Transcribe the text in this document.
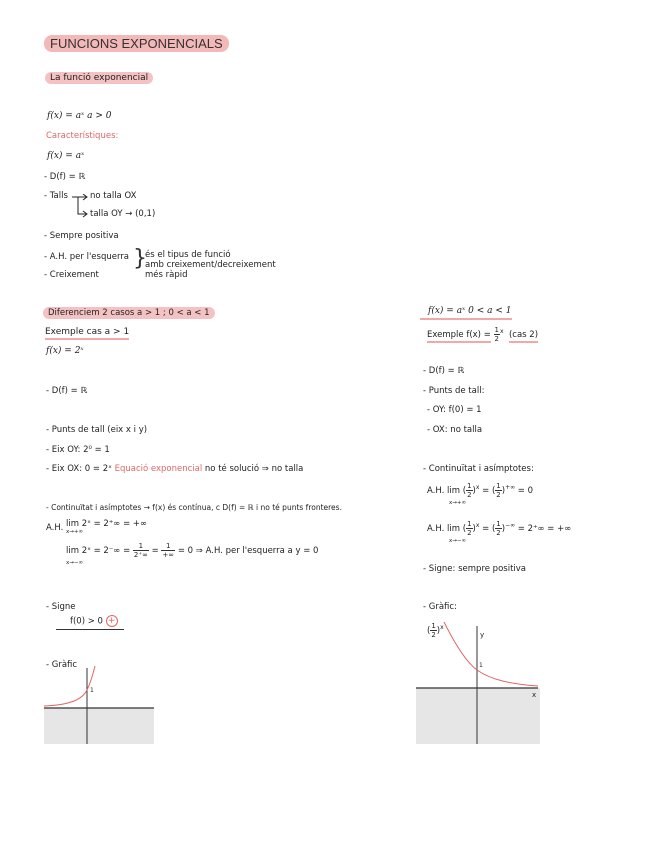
FUNCIONS EXPONENCIALS
La funció exponencial
f(x) = aˣ a > 0
Característiques:
f(x) = aˣ
- D(f) = ℝ
- Talls	no talla OX
talla OY → (0,1)
- Sempre positiva
- A.H. per l'esquerra
- Creixement
}
és el tipus de funció
amb creixement/decreixement
més ràpid
Diferenciem 2 casos a > 1 ; 0 < a < 1
Exemple cas a > 1
f(x) = 2ˣ
- D(f) = ℝ
- Punts de tall (eix x i y)
- Eix OY: 2⁰ = 1
- Eix OX: 0 = 2ˣ Equació exponencial no té solució ⇒ no talla
- Continuïtat i asímptotes → f(x) és contínua, c D(f) = ℝ i no té punts fronteres.
A.H. lim 2ˣ = 2⁺∞ = +∞
x→+∞
lim 2ˣ = $2^-\infty = \frac{1}{2^+\infty} = \frac{1}{+\infty} = 0$ ⇒ A.H. per l'esquerra a y = 0
x→−∞
- Signe
f(0) > 0 +
- Gràfic
1
f(x) = aˣ 0 < a < 1
Exemple $f(x) = \frac{1}{2} ^x$ (cas 2)
- D(f) = ℝ
- Punts de tall:
- OY: f(0) = 1
- OX: no talla
- Continuïtat i asímptotes:
A.H. lim ( $\frac{1}{2} )^x$ = ( $\frac{1}{2} )^{+\infty} = 0$
x→+∞
A.H. lim ( $\frac{1}{2} )^x$ = ( $\frac{1}{2} )^{-\infty} = 2^+\infty$ = +∞
x→−∞
- Signe: sempre positiva
- Gràfic:
y
x
1
( $\frac{1}{2} )^x$
